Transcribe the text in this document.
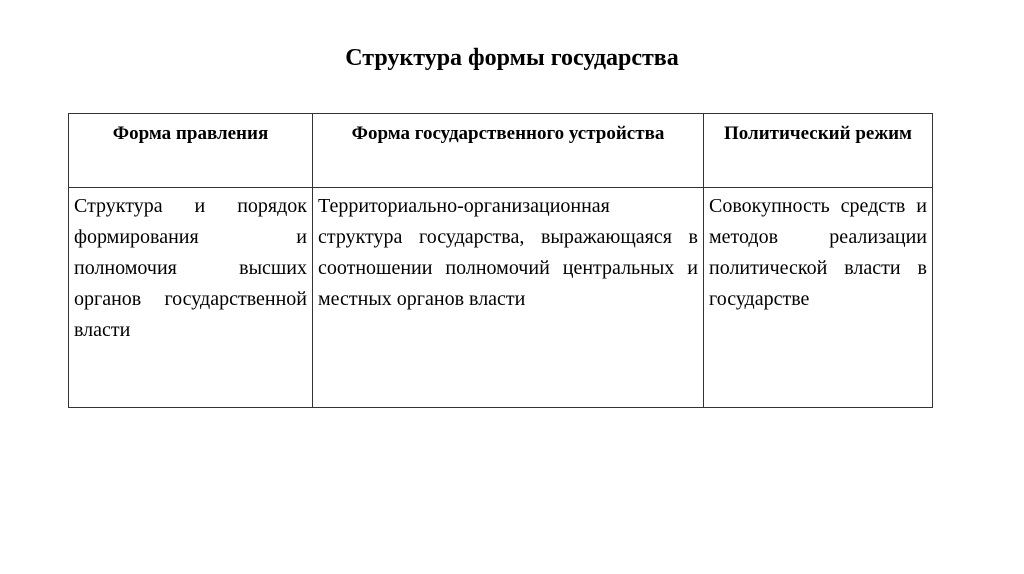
Структура формы государства
Форма правления	Форма государственного устройства	Политический режим
Структура и порядок формирования и полномочия высших органов государственной власти	Территориально-организационная структура государства, выражающаяся в соотношении полномочий центральных и местных органов власти	Совокупность средств и методов реализации политической власти в государстве
